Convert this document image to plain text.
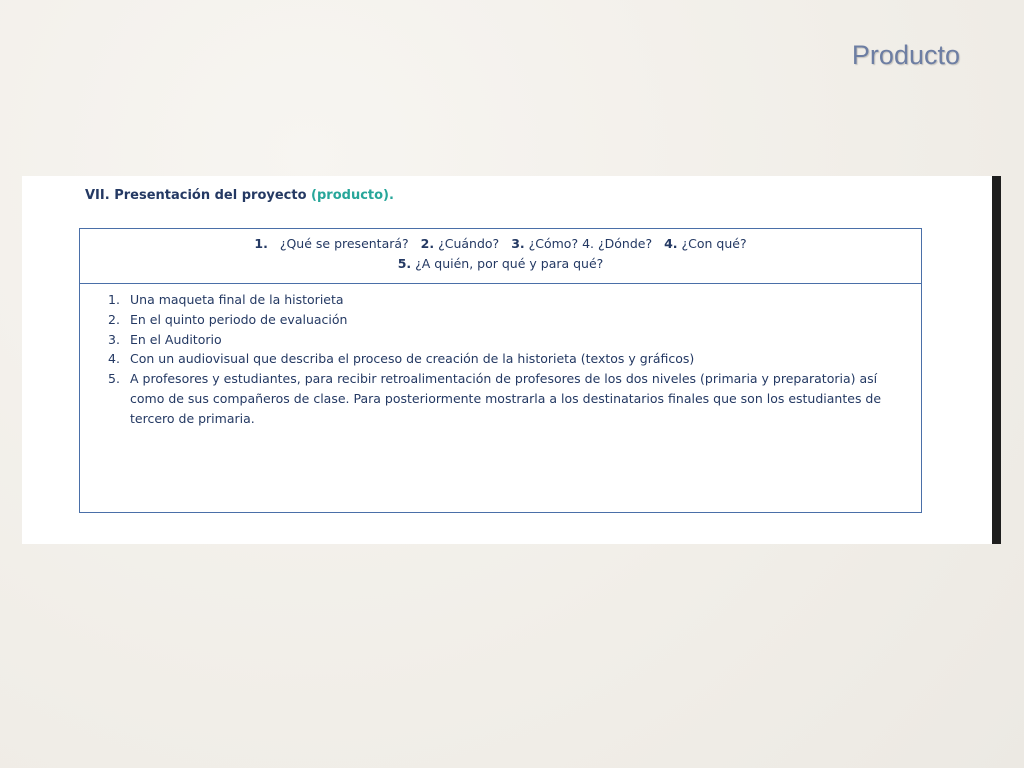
Producto
VII. Presentación del proyecto (producto).
1. ¿Qué se presentará? 2. ¿Cuándo? 3. ¿Cómo? 4. ¿Dónde? 4. ¿Con qué?
5. ¿A quién, por qué y para qué?
1. Una maqueta final de la historieta
2. En el quinto periodo de evaluación
3. En el Auditorio
4. Con un audiovisual que describa el proceso de creación de la historieta (textos y gráficos)
5. A profesores y estudiantes, para recibir retroalimentación de profesores de los dos niveles (primaria y preparatoria) así como de sus compañeros de clase. Para posteriormente mostrarla a los destinatarios finales que son los estudiantes de tercero de primaria.
